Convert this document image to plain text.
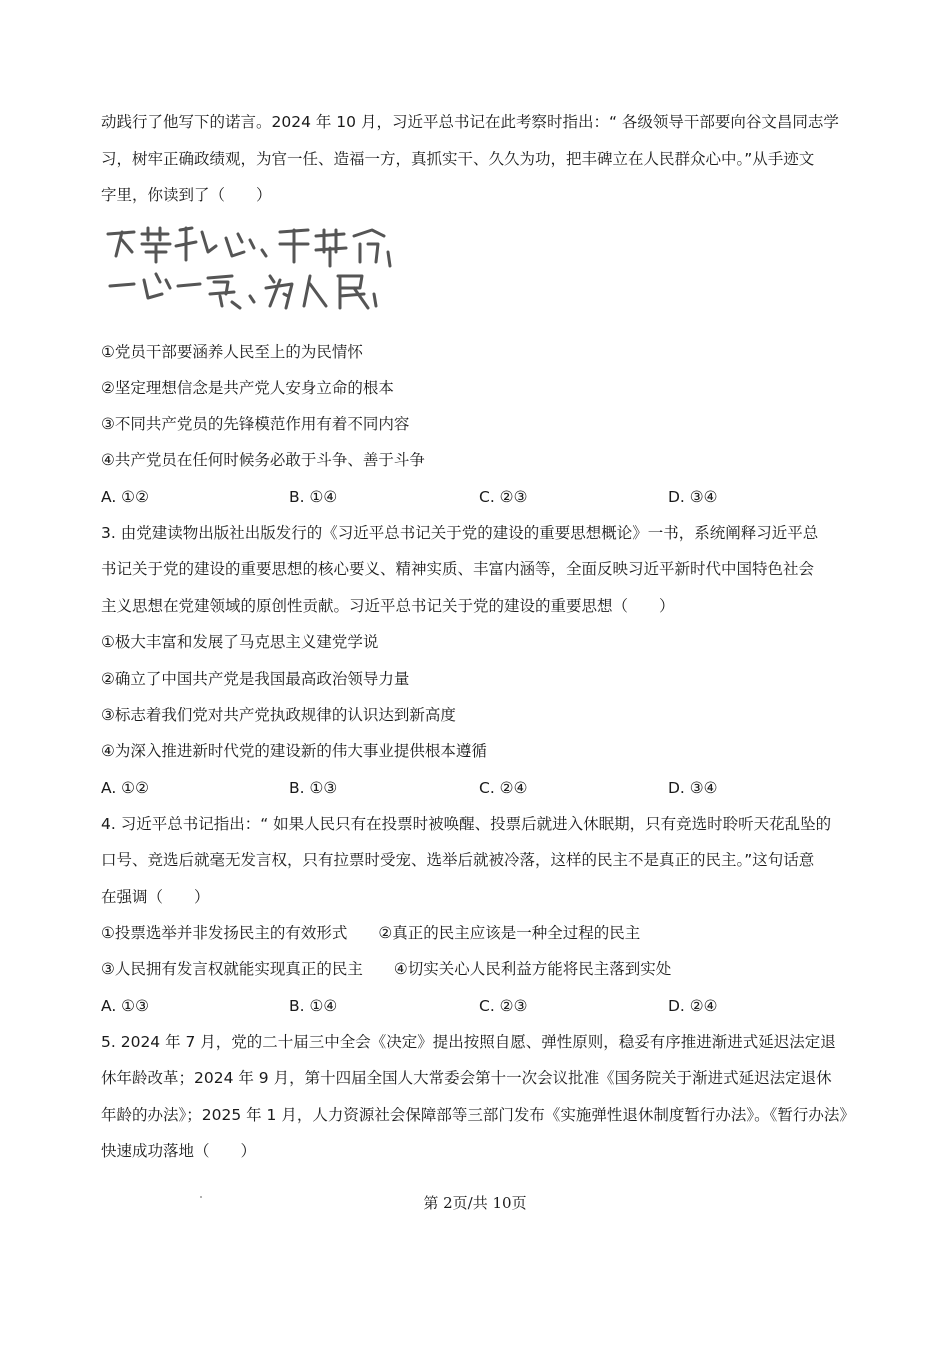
动践行了他写下的诺言。2024 年 10 月，习近平总书记在此考察时指出：“ 各级领导干部要向谷文昌同志学
习，树牢正确政绩观，为官一任、造福一方，真抓实干、久久为功，把丰碑立在人民群众心中。”从手迹文
字里，你读到了（　　）
①党员干部要涵养人民至上的为民情怀
②坚定理想信念是共产党人安身立命的根本
③不同共产党员的先锋模范作用有着不同内容
④共产党员在任何时候务必敢于斗争、善于斗争
A. ①②	B. ①④	C. ②③	D. ③④
3. 由党建读物出版社出版发行的《习近平总书记关于党的建设的重要思想概论》一书，系统阐释习近平总
书记关于党的建设的重要思想的核心要义、精神实质、丰富内涵等，全面反映习近平新时代中国特色社会
主义思想在党建领域的原创性贡献。习近平总书记关于党的建设的重要思想（　　）
①极大丰富和发展了马克思主义建党学说
②确立了中国共产党是我国最高政治领导力量
③标志着我们党对共产党执政规律的认识达到新高度
④为深入推进新时代党的建设新的伟大事业提供根本遵循
A. ①②	B. ①③	C. ②④	D. ③④
4. 习近平总书记指出：“ 如果人民只有在投票时被唤醒、投票后就进入休眠期，只有竞选时聆听天花乱坠的
口号、竞选后就毫无发言权，只有拉票时受宠、选举后就被冷落，这样的民主不是真正的民主。”这句话意
在强调（　　）
①投票选举并非发扬民主的有效形式　　②真正的民主应该是一种全过程的民主
③人民拥有发言权就能实现真正的民主　　④切实关心人民利益方能将民主落到实处
A. ①③	B. ①④	C. ②③	D. ②④
5. 2024 年 7 月，党的二十届三中全会《决定》提出按照自愿、弹性原则，稳妥有序推进渐进式延迟法定退
休年龄改革；2024 年 9 月，第十四届全国人大常委会第十一次会议批准《国务院关于渐进式延迟法定退休
年龄的办法》；2025 年 1 月，人力资源社会保障部等三部门发布《实施弹性退休制度暂行办法》。《暂行办法》
快速成功落地（　　）
第 2页/共 10页
